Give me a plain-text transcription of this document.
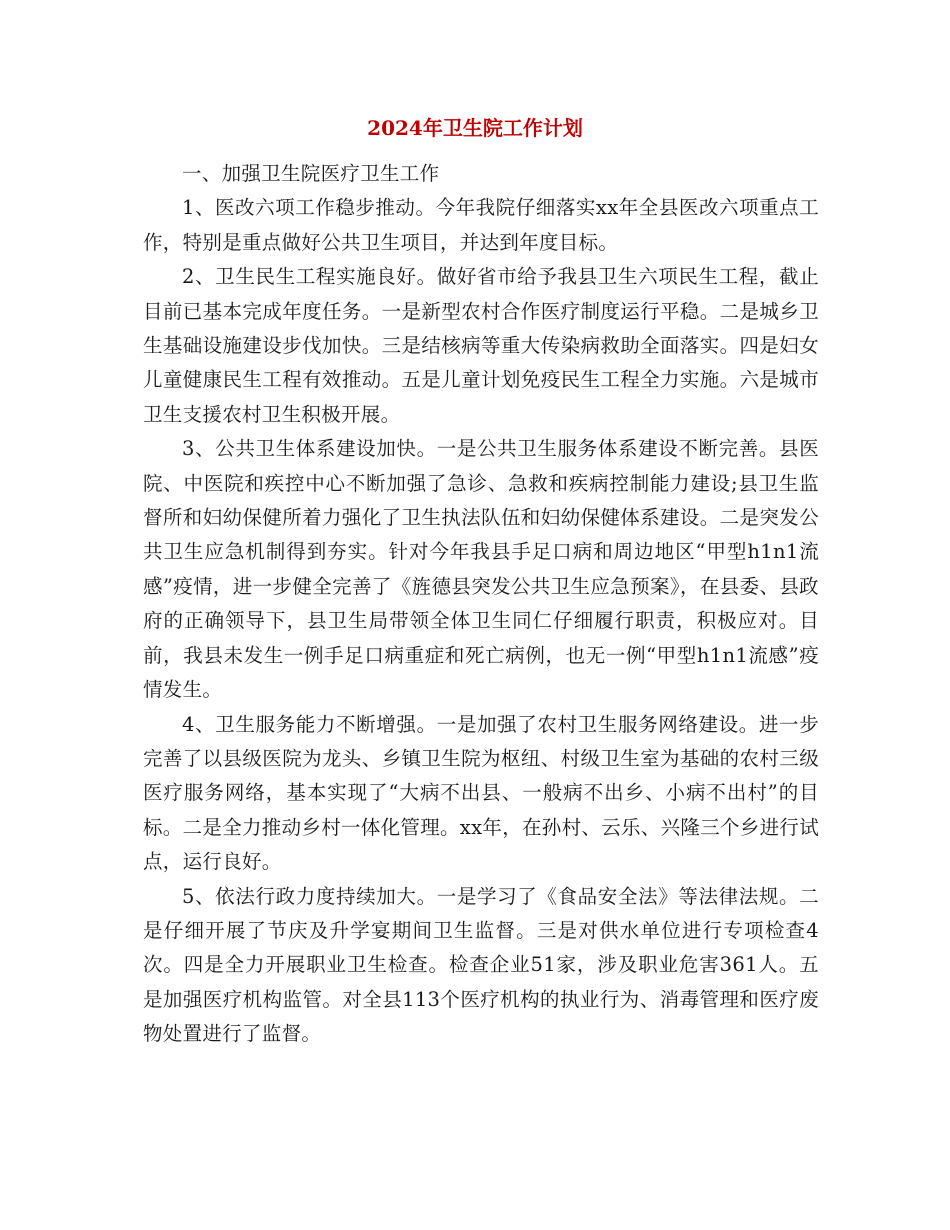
2024年卫生院工作计划

一、加强卫生院医疗卫生工作

1、医改六项工作稳步推动。今年我院仔细落实xx年全县医改六项重点工作，特别是重点做好公共卫生项目，并达到年度目标。

2、卫生民生工程实施良好。做好省市给予我县卫生六项民生工程，截止目前已基本完成年度任务。一是新型农村合作医疗制度运行平稳。二是城乡卫生基础设施建设步伐加快。三是结核病等重大传染病救助全面落实。四是妇女儿童健康民生工程有效推动。五是儿童计划免疫民生工程全力实施。六是城市卫生支援农村卫生积极开展。

3、公共卫生体系建设加快。一是公共卫生服务体系建设不断完善。县医院、中医院和疾控中心不断加强了急诊、急救和疾病控制能力建设;县卫生监督所和妇幼保健所着力强化了卫生执法队伍和妇幼保健体系建设。二是突发公共卫生应急机制得到夯实。针对今年我县手足口病和周边地区“甲型h1n1流感”疫情，进一步健全完善了《旌德县突发公共卫生应急预案》，在县委、县政府的正确领导下，县卫生局带领全体卫生同仁仔细履行职责，积极应对。目前，我县未发生一例手足口病重症和死亡病例，也无一例“甲型h1n1流感”疫情发生。

4、卫生服务能力不断增强。一是加强了农村卫生服务网络建设。进一步完善了以县级医院为龙头、乡镇卫生院为枢纽、村级卫生室为基础的农村三级医疗服务网络，基本实现了“大病不出县、一般病不出乡、小病不出村”的目标。二是全力推动乡村一体化管理。xx年，在孙村、云乐、兴隆三个乡进行试点，运行良好。

5、依法行政力度持续加大。一是学习了《食品安全法》等法律法规。二是仔细开展了节庆及升学宴期间卫生监督。三是对供水单位进行专项检查4次。四是全力开展职业卫生检查。检查企业51家，涉及职业危害361人。五是加强医疗机构监管。对全县113个医疗机构的执业行为、消毒管理和医疗废物处置进行了监督。
